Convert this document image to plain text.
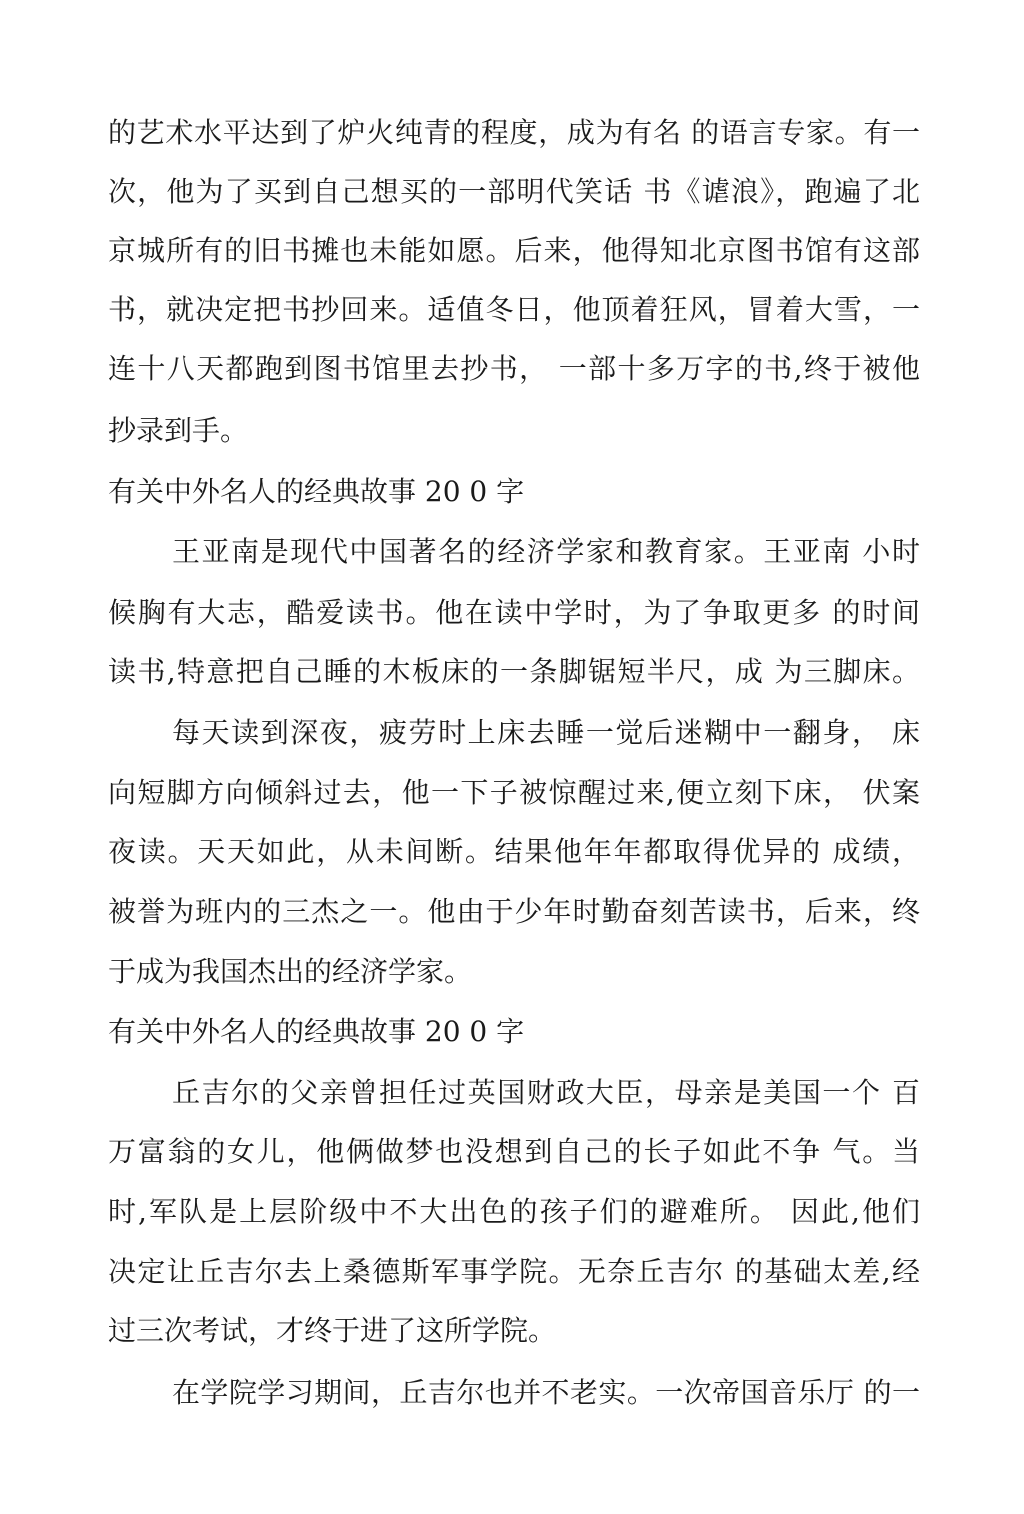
的艺术水平达到了炉火纯青的程度，成为有名 的语言专家。有一
次，他为了买到自己想买的一部明代笑话 书《谑浪》，跑遍了北
京城所有的旧书摊也未能如愿。后来，他得知北京图书馆有这部
书，就决定把书抄回来。适值冬日，他顶着狂风，冒着大雪，一
连十八天都跑到图书馆里去抄书， 一部十多万字的书,终于被他
抄录到手。
有关中外名人的经典故事 20 0 字
王亚南是现代中国著名的经济学家和教育家。王亚南 小时
候胸有大志，酷爱读书。他在读中学时，为了争取更多 的时间
读书,特意把自己睡的木板床的一条脚锯短半尺，成 为三脚床。
每天读到深夜，疲劳时上床去睡一觉后迷糊中一翻身， 床
向短脚方向倾斜过去，他一下子被惊醒过来,便立刻下床， 伏案
夜读。天天如此，从未间断。结果他年年都取得优异的 成绩，
被誉为班内的三杰之一。他由于少年时勤奋刻苦读书，后来，终
于成为我国杰出的经济学家。
有关中外名人的经典故事 20 0 字
丘吉尔的父亲曾担任过英国财政大臣，母亲是美国一个 百
万富翁的女儿，他俩做梦也没想到自己的长子如此不争 气。当
时,军队是上层阶级中不大出色的孩子们的避难所。 因此,他们
决定让丘吉尔去上桑德斯军事学院。无奈丘吉尔 的基础太差,经
过三次考试，才终于进了这所学院。
在学院学习期间，丘吉尔也并不老实。一次帝国音乐厅 的一
